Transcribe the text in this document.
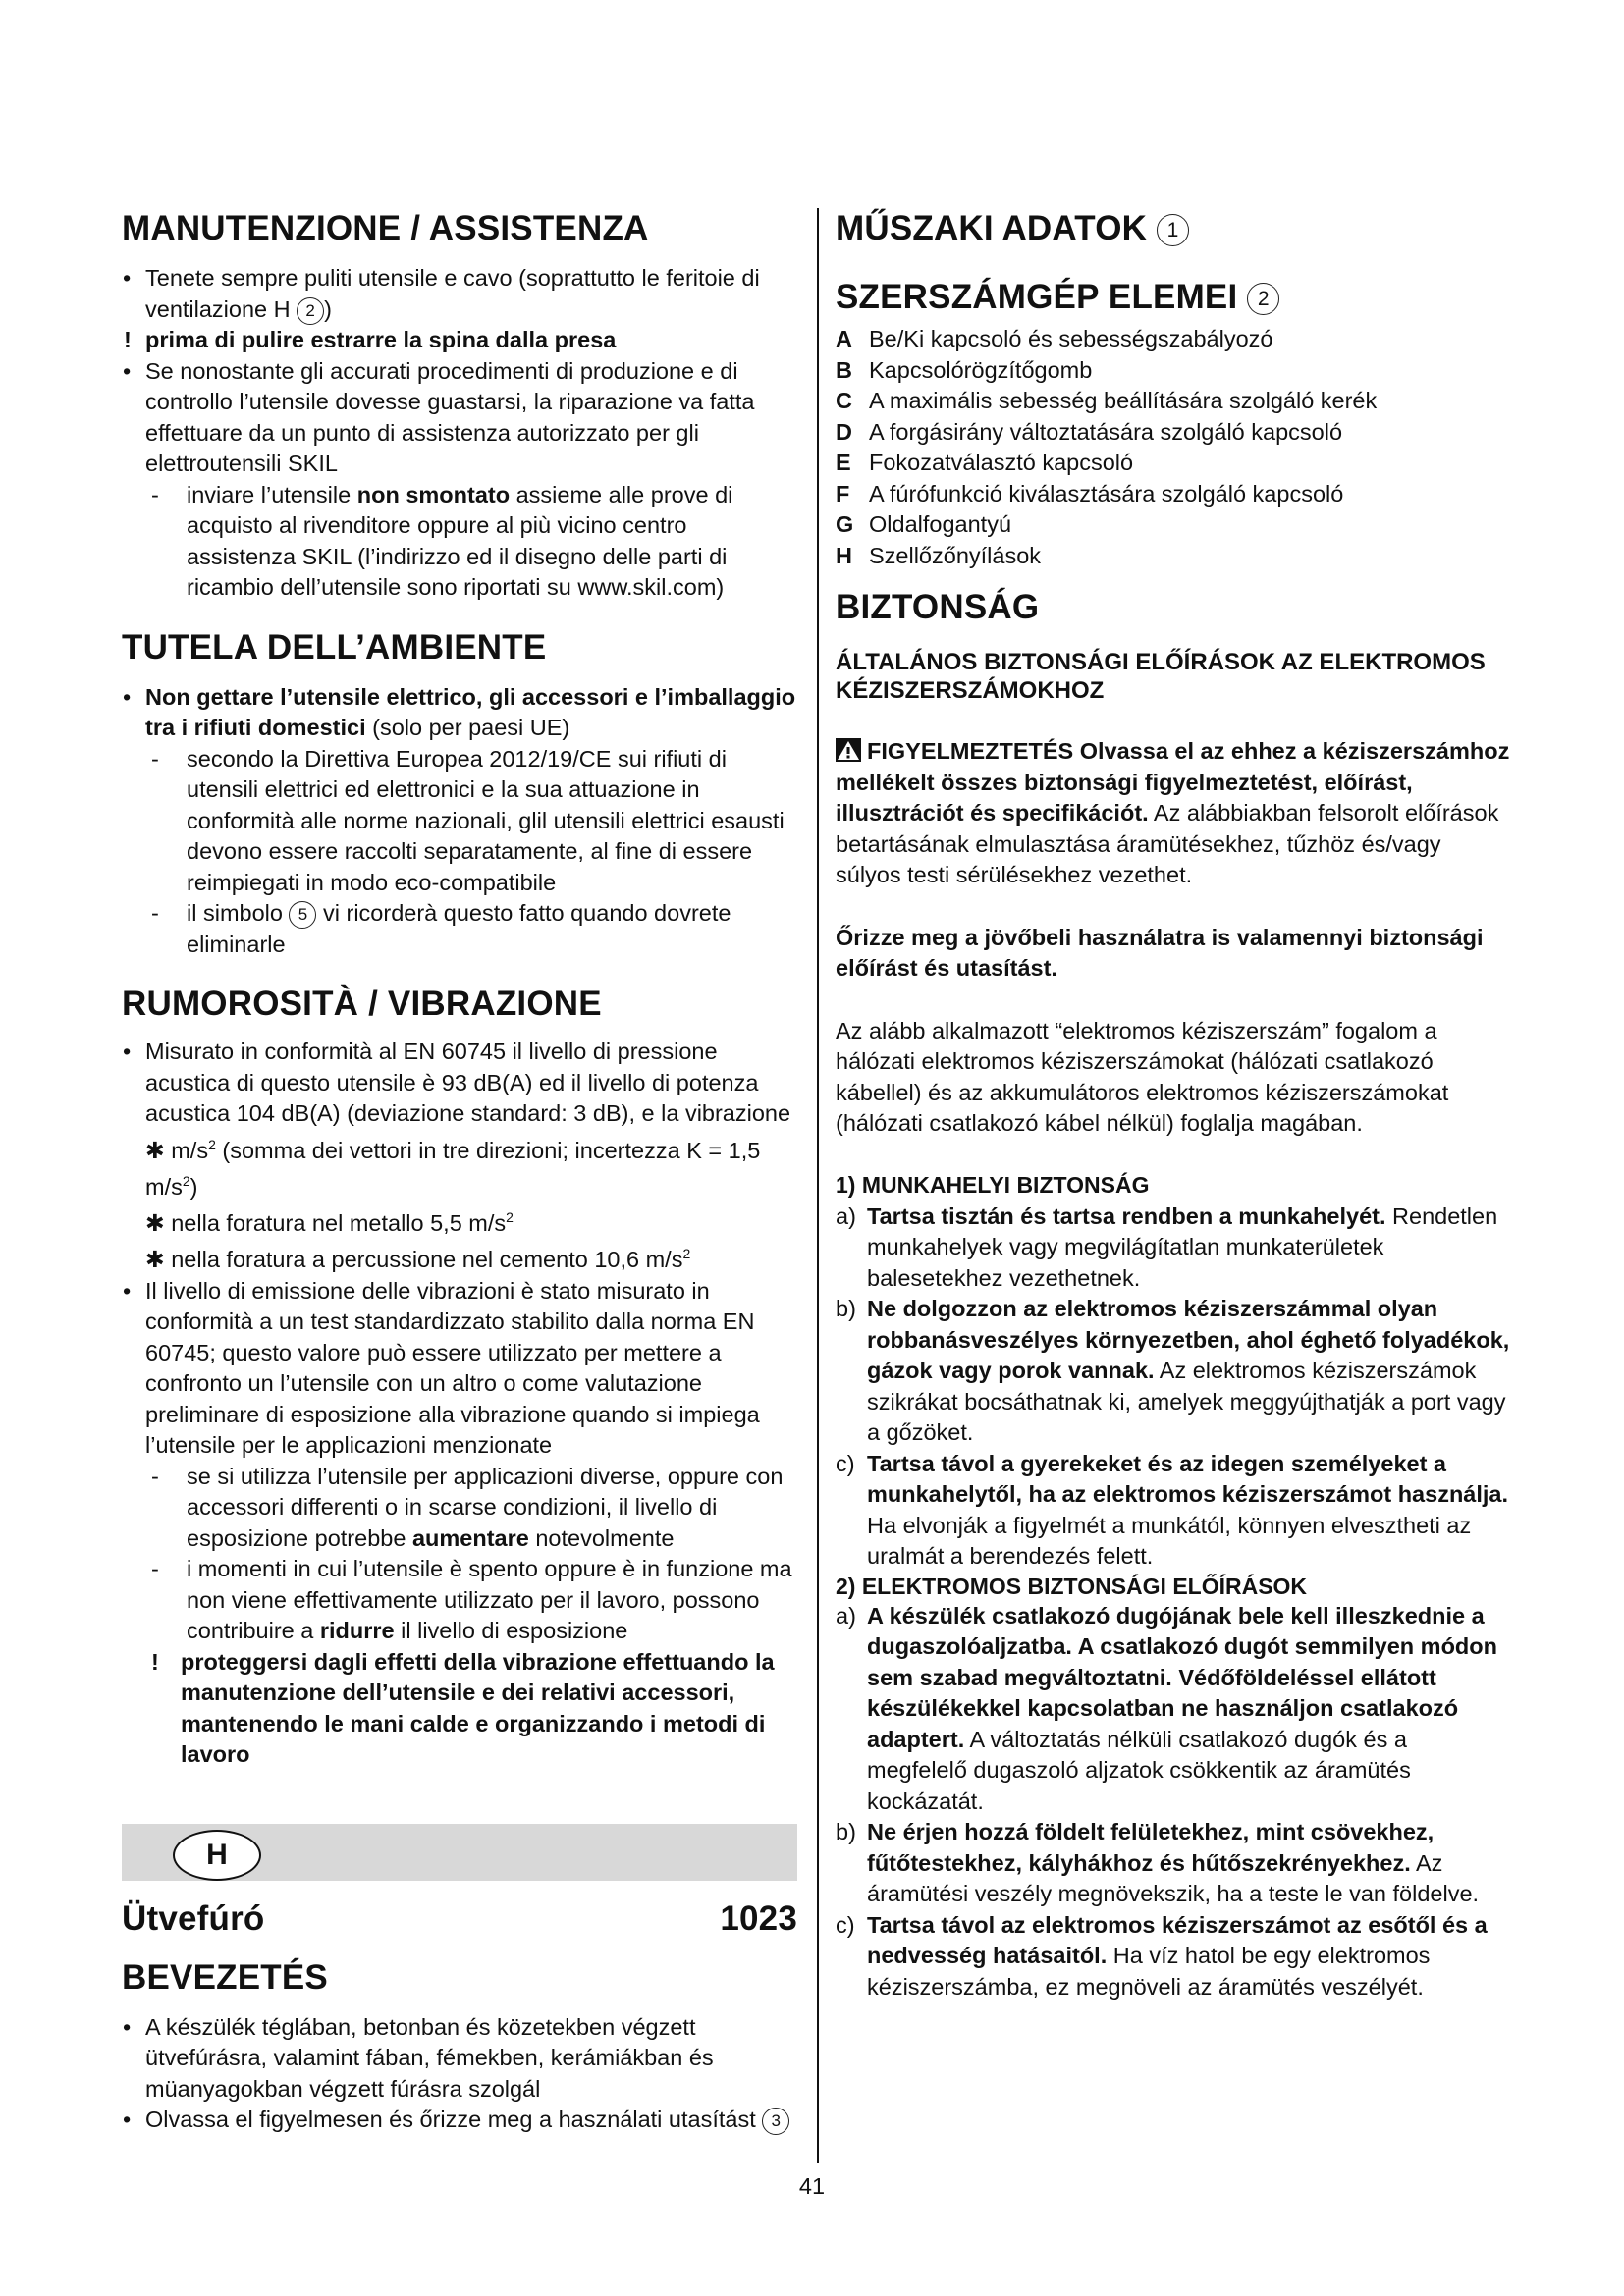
MANUTENZIONE / ASSISTENZA
• Tenete sempre puliti utensile e cavo (soprattutto le feritoie di ventilazione H 2 )
! prima di pulire estrarre la spina dalla presa
• Se nonostante gli accurati procedimenti di produzione e di controllo l’utensile dovesse guastarsi, la riparazione va fatta effettuare da un punto di assistenza autorizzato per gli elettroutensili SKIL
- inviare l’utensile non smontato assieme alle prove di acquisto al rivenditore oppure al più vicino centro assistenza SKIL (l’indirizzo ed il disegno delle parti di ricambio dell’utensile sono riportati su www.skil.com)
TUTELA DELL’AMBIENTE
• Non gettare l’utensile elettrico, gli accessori e l’imballaggio tra i rifiuti domestici (solo per paesi UE)
- secondo la Direttiva Europea 2012/19/CE sui rifiuti di utensili elettrici ed elettronici e la sua attuazione in conformità alle norme nazionali, glil utensili elettrici esausti devono essere raccolti separatamente, al fine di essere reimpiegati in modo eco-compatibile
- il simbolo 5 vi ricorderà questo fatto quando dovrete eliminarle
RUMOROSITÀ / VIBRAZIONE
• Misurato in conformità al EN 60745 il livello di pressione acustica di questo utensile è 93 dB(A) ed il livello di potenza acustica 104 dB(A) (deviazione standard: 3 dB), e la vibrazione ✱ $m/s^2$ (somma dei vettori in tre direzioni; incertezza K = 1,5 $m/s^2$)
✱ nella foratura nel metallo 5,5 $m/s^2$
✱ nella foratura a percussione nel cemento 10,6 $m/s^2$
• Il livello di emissione delle vibrazioni è stato misurato in conformità a un test standardizzato stabilito dalla norma EN 60745; questo valore può essere utilizzato per mettere a confronto un l’utensile con un altro o come valutazione preliminare di esposizione alla vibrazione quando si impiega l’utensile per le applicazioni menzionate
- se si utilizza l’utensile per applicazioni diverse, oppure con accessori differenti o in scarse condizioni, il livello di esposizione potrebbe aumentare notevolmente
- i momenti in cui l’utensile è spento oppure è in funzione ma non viene effettivamente utilizzato per il lavoro, possono contribuire a ridurre il livello di esposizione
! proteggersi dagli effetti della vibrazione effettuando la manutenzione dell’utensile e dei relativi accessori, mantenendo le mani calde e organizzando i metodi di lavoro
H
Ütvefúró	1023
BEVEZETÉS
• A készülék téglában, betonban és közetekben végzett ütvefúrásra, valamint fában, fémekben, kerámiákban és müanyagokban végzett fúrásra szolgál
• Olvassa el figyelmesen és őrizze meg a használati utasítást 3
MŰSZAKI ADATOK 1
SZERSZÁMGÉP ELEMEI 2
A Be/Ki kapcsoló és sebességszabályozó
B Kapcsolórögzítőgomb
C A maximális sebesség beállítására szolgáló kerék
D A forgásirány változtatására szolgáló kapcsoló
E Fokozatválasztó kapcsoló
F A fúrófunkció kiválasztására szolgáló kapcsoló
G Oldalfogantyú
H Szellőzőnyílások
BIZTONSÁG
ÁLTALÁNOS BIZTONSÁGI ELŐÍRÁSOK AZ ELEKTROMOS KÉZISZERSZÁMOKHOZ

FIGYELMEZTETÉS Olvassa el az ehhez a kéziszerszámhoz mellékelt összes biztonsági figyelmeztetést, előírást, illusztrációt és specifikációt. Az alábbiakban felsorolt előírások betartásának elmulasztása áramütésekhez, tűzhöz és/vagy súlyos testi sérülésekhez vezethet.

Őrizze meg a jövőbeli használatra is valamennyi biztonsági előírást és utasítást.

Az alább alkalmazott “elektromos kéziszerszám” fogalom a hálózati elektromos kéziszerszámokat (hálózati csatlakozó kábellel) és az akkumulátoros elektromos kéziszerszámokat (hálózati csatlakozó kábel nélkül) foglalja magában.

1) MUNKAHELYI BIZTONSÁG
a) Tartsa tisztán és tartsa rendben a munkahelyét. Rendetlen munkahelyek vagy megvilágítatlan munkaterületek balesetekhez vezethetnek.
b) Ne dolgozzon az elektromos kéziszerszámmal olyan robbanásveszélyes környezetben, ahol éghető folyadékok, gázok vagy porok vannak. Az elektromos kéziszerszámok szikrákat bocsáthatnak ki, amelyek meggyújthatják a port vagy a gőzöket.
c) Tartsa távol a gyerekeket és az idegen személyeket a munkahelytől, ha az elektromos kéziszerszámot használja. Ha elvonják a figyelmét a munkától, könnyen elvesztheti az uralmát a berendezés felett.
2) ELEKTROMOS BIZTONSÁGI ELŐÍRÁSOK
a) A készülék csatlakozó dugójának bele kell illeszkednie a dugaszolóaljzatba. A csatlakozó dugót semmilyen módon sem szabad megváltoztatni. Védőföldeléssel ellátott készülékekkel kapcsolatban ne használjon csatlakozó adaptert. A változtatás nélküli csatlakozó dugók és a megfelelő dugaszoló aljzatok csökkentik az áramütés kockázatát.
b) Ne érjen hozzá földelt felületekhez, mint csövekhez, fűtőtestekhez, kályhákhoz és hűtőszekrényekhez. Az áramütési veszély megnövekszik, ha a teste le van földelve.
c) Tartsa távol az elektromos kéziszerszámot az esőtől és a nedvesség hatásaitól. Ha víz hatol be egy elektromos kéziszerszámba, ez megnöveli az áramütés veszélyét.
41
